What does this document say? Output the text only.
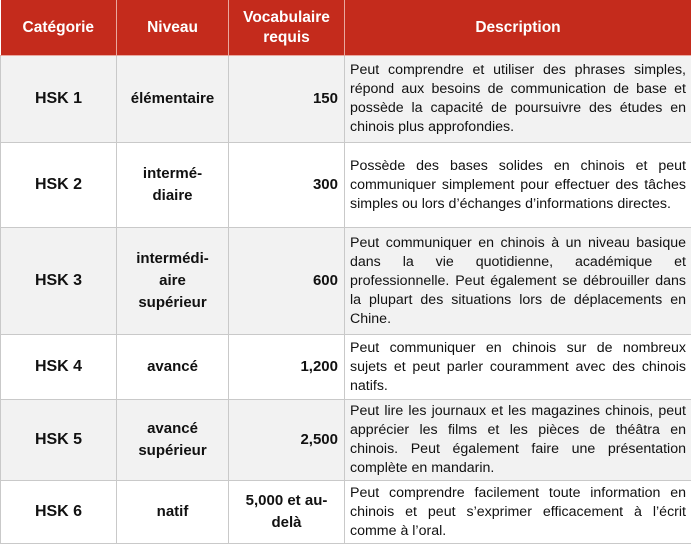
Catégorie	Niveau	Vocabulaire requis	Description
HSK 1	élémentaire	150	Peut comprendre et utiliser des phrases simples, répond aux besoins de communication de base et possède la capacité de poursuivre des études en chinois plus approfondies.
HSK 2	intermé-diaire	300	Possède des bases solides en chinois et peut communiquer simplement pour effectuer des tâches simples ou lors d’échanges d’informations directes.
HSK 3	intermédi-aire supérieur	600	Peut communiquer en chinois à un niveau basique dans la vie quotidienne, académique et professionnelle. Peut également se débrouiller dans la plupart des situations lors de déplacements en Chine.
HSK 4	avancé	1,200	Peut communiquer en chinois sur de nombreux sujets et peut parler couramment avec des chinois natifs.
HSK 5	avancé supérieur	2,500	Peut lire les journaux et les magazines chinois, peut apprécier les films et les pièces de théâtra en chinois. Peut également faire une présentation complète en mandarin.
HSK 6	natif	5,000 et au-delà	Peut comprendre facilement toute information en chinois et peut s’exprimer efficacement à l’écrit comme à l’oral.
